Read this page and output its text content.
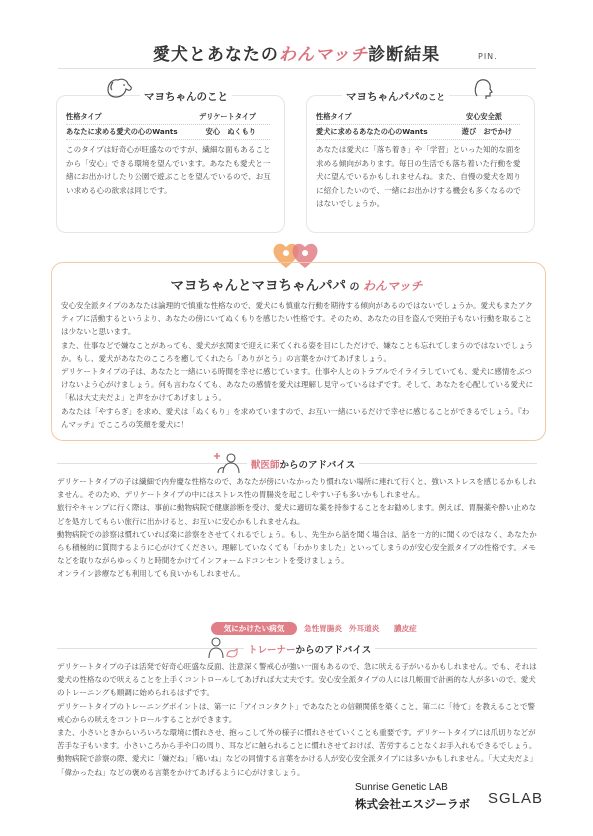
愛犬とあなたのわんマッチ診断結果	PIN.
マヨちゃんのこと
性格タイプ	デリケートタイプ
あなたに求める愛犬の心のWants	安心　ぬくもり
このタイプは好奇心が旺盛なのですが、繊細な面もあることから「安心」できる環境を望んでいます。あなたも愛犬と一緒にお出かけしたり公園で遊ぶことを望んでいるので、お互い求める心の欲求は同じです。
マヨちゃんパパのこと
性格タイプ	安心安全派
愛犬に求めるあなたの心のWants	遊び　おでかけ
あなたは愛犬に「落ち着き」や「学習」といった知的な面を求める傾向があります。毎日の生活でも落ち着いた行動を愛犬に望んでいるかもしれませんね。また、自慢の愛犬を周りに紹介したいので、一緒にお出かけする機会も多くなるのではないでしょうか。
マヨちゃんとマヨちゃんパパ の わんマッチ
安心安全派タイプのあなたは論理的で慎重な性格なので、愛犬にも慎重な行動を期待する傾向があるのではないでしょうか。愛犬もまたアクティブに活動するというより、あなたの傍にいてぬくもりを感じたい性格です。そのため、あなたの目を盗んで突拍子もない行動を取ることは少ないと思います。
また、仕事などで嫌なことがあっても、愛犬が玄関まで迎えに来てくれる姿を目にしただけで、嫌なことも忘れてしまうのではないでしょうか。もし、愛犬があなたのこころを癒してくれたら「ありがとう」の言葉をかけてあげましょう。
デリケートタイプの子は、あなたと一緒にいる時間を幸せに感じています。仕事や人とのトラブルでイライラしていても、愛犬に感情をぶつけないよう心がけましょう。何も言わなくても、あなたの感情を愛犬は理解し見守っているはずです。そして、あなたを心配している愛犬に「私は大丈夫だよ」と声をかけてあげましょう。
あなたは「やすらぎ」を求め、愛犬は「ぬくもり」を求めていますので、お互い一緒にいるだけで幸せに感じることができるでしょう。『わんマッチ』でこころの笑顔を愛犬に！
獣医師からのアドバイス
デリケートタイプの子は繊細で内弁慶な性格なので、あなたが傍にいなかったり慣れない場所に連れて行くと、強いストレスを感じるかもしれません。そのため、デリケートタイプの中にはストレス性の胃腸炎を起こしやすい子も多いかもしれません。
旅行やキャンプに行く際は、事前に動物病院で健康診断を受け、愛犬に適切な薬を持参することをお勧めします。例えば、胃腸薬や酔い止めなどを処方してもらい旅行に出かけると、お互いに安心かもしれませんね。
動物病院での診察は慣れていれば楽に診察をさせてくれるでしょう。もし、先生から話を聞く場合は、話を一方的に聞くのではなく、あなたからも積極的に質問するように心がけてください。理解していなくても「わかりました」といってしまうのが安心安全派タイプの性格です。メモなどを取りながらゆっくりと時間をかけてインフォームドコンセントを受けましょう。
オンライン診療なども利用しても良いかもしれません。
気にかけたい病気	急性胃腸炎 外耳道炎 膿皮症
トレーナーからのアドバイス
デリケートタイプの子は活発で好奇心旺盛な反面、注意深く警戒心が強い一面もあるので、急に吠える子がいるかもしれません。でも、それは愛犬の性格なので吠えることを上手くコントロールしてあげれば大丈夫です。安心安全派タイプの人には几帳面で計画的な人が多いので、愛犬のトレーニングも順調に始められるはずです。
デリケートタイプのトレーニングポイントは、第一に「アイコンタクト」であなたとの信頼関係を築くこと、第二に「待て」を教えることで警戒心からの吠えをコントロールすることができます。
また、小さいときからいろいろな環境に慣れさせ、抱っこして外の様子に慣れさせていくことも重要です。デリケートタイプには爪切りなどが苦手な子もいます。小さいころから手や口の周り、耳などに触られることに慣れさせておけば、苦労することなくお手入れもできるでしょう。動物病院で診察の際、愛犬に「嫌だね」「痛いね」などの同情する言葉をかける人が安心安全派タイプには多いかもしれません。「大丈夫だよ」「偉かったね」などの褒める言葉をかけてあげるように心がけましょう。
Sunrise Genetic LAB
株式会社エスジーラボ SGLAB
